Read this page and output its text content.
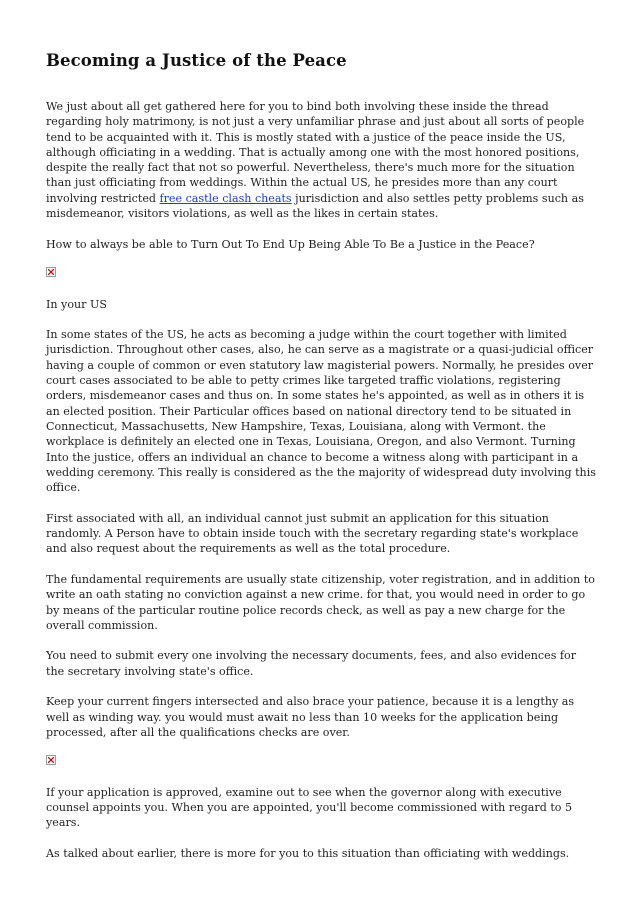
Becoming a Justice of the Peace

We just about all get gathered here for you to bind both involving these inside the thread regarding holy matrimony, is not just a very unfamiliar phrase and just about all sorts of people tend to be acquainted with it. This is mostly stated with a justice of the peace inside the US, although officiating in a wedding. That is actually among one with the most honored positions, despite the really fact that not so powerful. Nevertheless, there's much more for the situation than just officiating from weddings. Within the actual US, he presides more than any court involving restricted free castle clash cheats jurisdiction and also settles petty problems such as misdemeanor, visitors violations, as well as the likes in certain states.

How to always be able to Turn Out To End Up Being Able To Be a Justice in the Peace?

In your US

In some states of the US, he acts as becoming a judge within the court together with limited jurisdiction. Throughout other cases, also, he can serve as a magistrate or a quasi-judicial officer having a couple of common or even statutory law magisterial powers. Normally, he presides over court cases associated to be able to petty crimes like targeted traffic violations, registering orders, misdemeanor cases and thus on. In some states he's appointed, as well as in others it is an elected position. Their Particular offices based on national directory tend to be situated in Connecticut, Massachusetts, New Hampshire, Texas, Louisiana, along with Vermont. the workplace is definitely an elected one in Texas, Louisiana, Oregon, and also Vermont. Turning Into the justice, offers an individual an chance to become a witness along with participant in a wedding ceremony. This really is considered as the the majority of widespread duty involving this office.

First associated with all, an individual cannot just submit an application for this situation randomly. A Person have to obtain inside touch with the secretary regarding state's workplace and also request about the requirements as well as the total procedure.

The fundamental requirements are usually state citizenship, voter registration, and in addition to write an oath stating no conviction against a new crime. for that, you would need in order to go by means of the particular routine police records check, as well as pay a new charge for the overall commission.

You need to submit every one involving the necessary documents, fees, and also evidences for the secretary involving state's office.

Keep your current fingers intersected and also brace your patience, because it is a lengthy as well as winding way. you would must await no less than 10 weeks for the application being processed, after all the qualifications checks are over.

If your application is approved, examine out to see when the governor along with executive counsel appoints you. When you are appointed, you'll become commissioned with regard to 5 years.

As talked about earlier, there is more for you to this situation than officiating with weddings.
